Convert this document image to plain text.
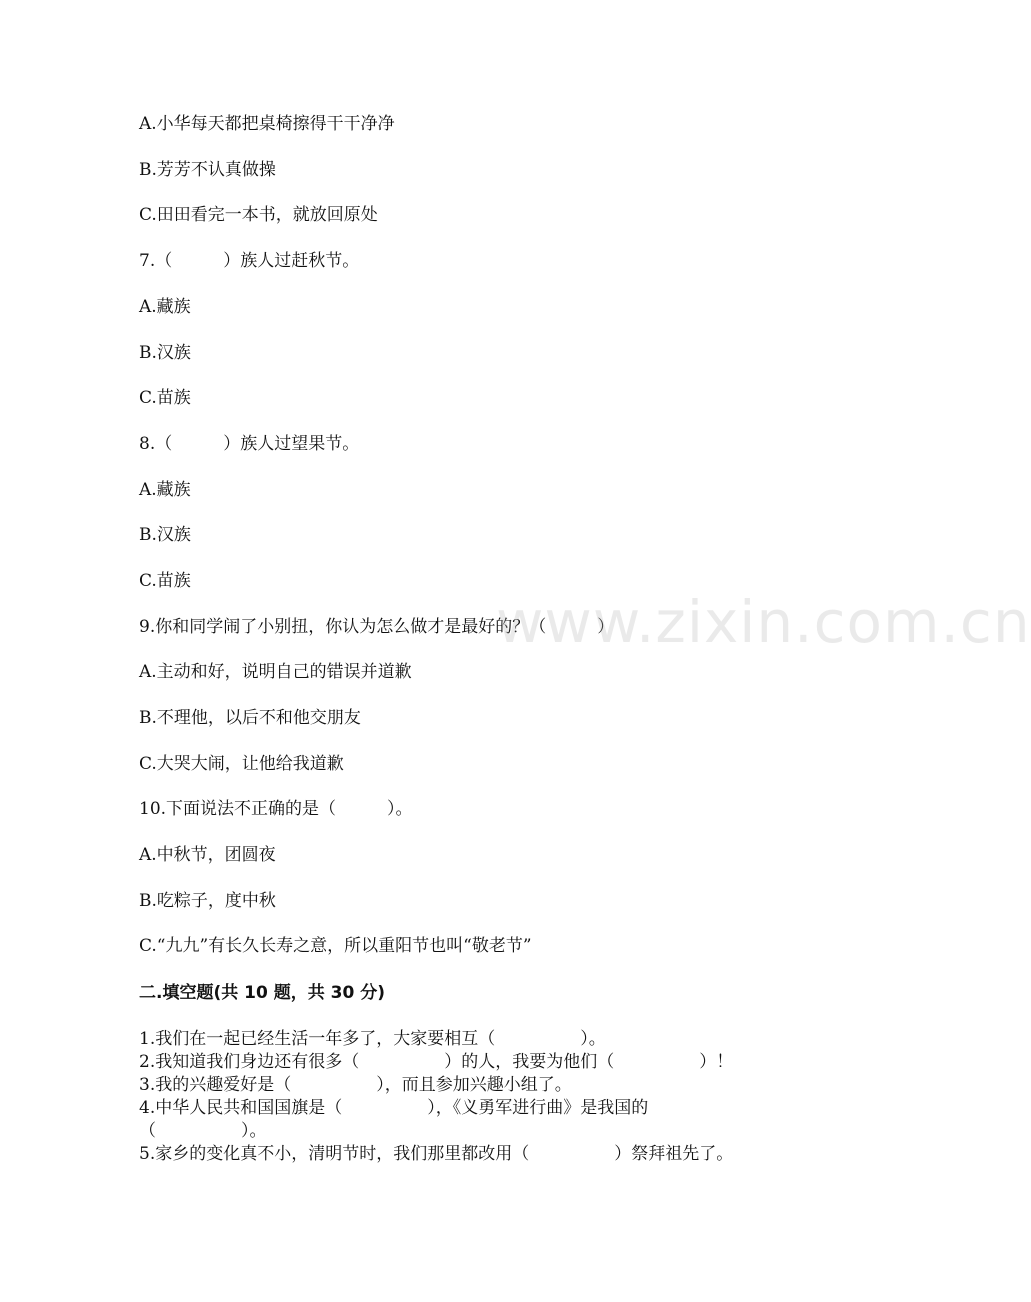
A.小华每天都把桌椅擦得干干净净

B.芳芳不认真做操

C.田田看完一本书，就放回原处

7.（　　　）族人过赶秋节。

A.藏族

B.汉族

C.苗族

8.（　　　）族人过望果节。

A.藏族

B.汉族

C.苗族

9.你和同学闹了小别扭，你认为怎么做才是最好的？（　　　）

A.主动和好，说明自己的错误并道歉

B.不理他，以后不和他交朋友

C.大哭大闹，让他给我道歉

10.下面说法不正确的是（　　　）。

A.中秋节，团圆夜

B.吃粽子，度中秋

C.“九九”有长久长寿之意，所以重阳节也叫“敬老节”

二.填空题(共 10 题，共 30 分)

1.我们在一起已经生活一年多了，大家要相互（　　　　　）。

2.我知道我们身边还有很多（　　　　　）的人，我要为他们（　　　　　）！

3.我的兴趣爱好是（　　　　　），而且参加兴趣小组了。

4.中华人民共和国国旗是（　　　　　），《义勇军进行曲》是我国的

（　　　　　）。

5.家乡的变化真不小，清明节时，我们那里都改用（　　　　　）祭拜祖先了。

www.zixin.com.cn
